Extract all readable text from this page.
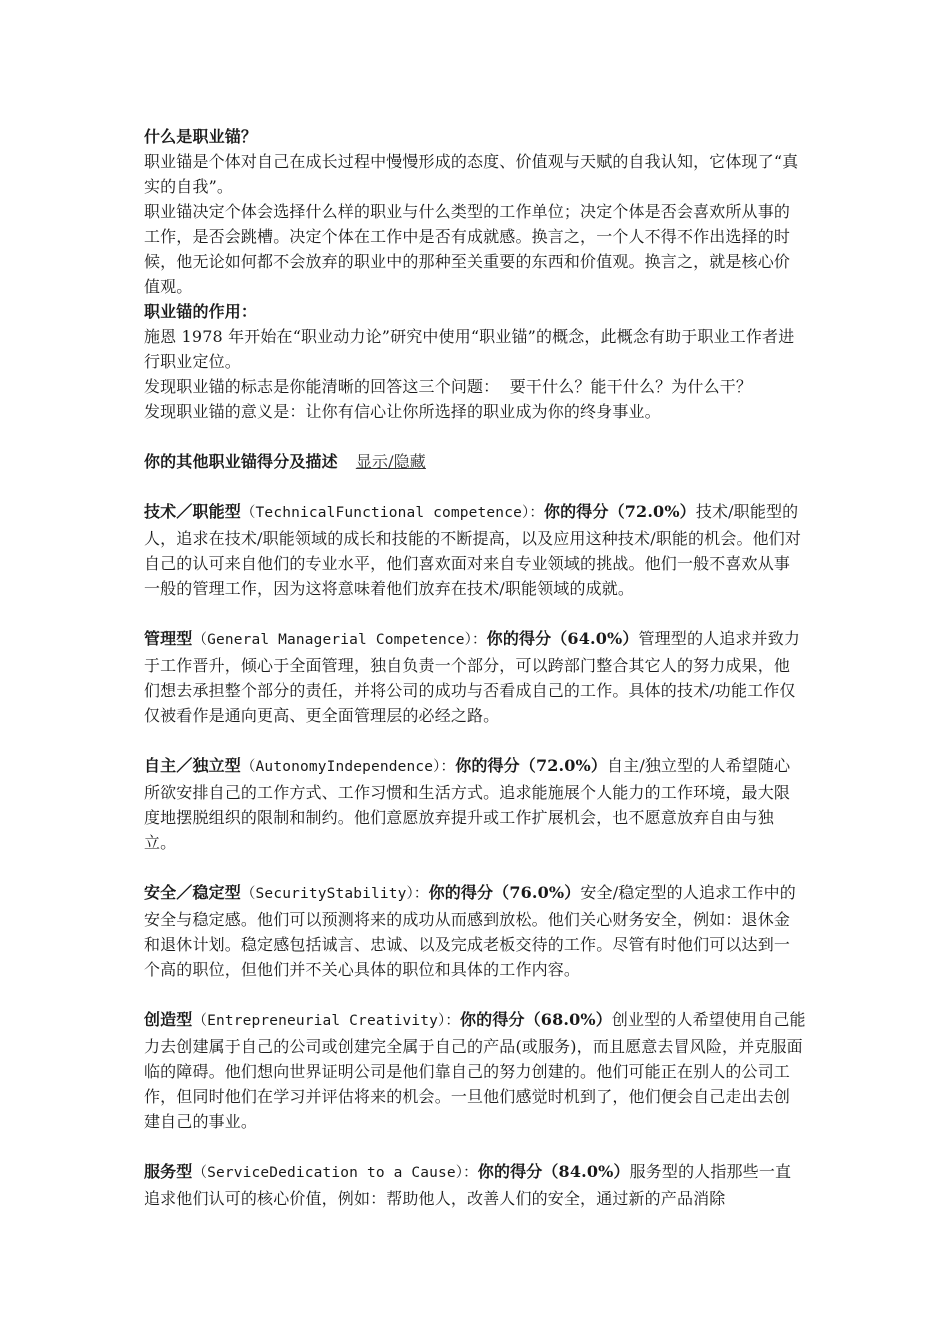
什么是职业锚？

职业锚是个体对自己在成长过程中慢慢形成的态度、价值观与天赋的自我认知，它体现了“真实的自我”。

职业锚决定个体会选择什么样的职业与什么类型的工作单位；决定个体是否会喜欢所从事的工作，是否会跳槽。决定个体在工作中是否有成就感。换言之，一个人不得不作出选择的时候，他无论如何都不会放弃的职业中的那种至关重要的东西和价值观。换言之，就是核心价值观。

职业锚的作用：

施恩 1978 年开始在“职业动力论”研究中使用“职业锚”的概念，此概念有助于职业工作者进行职业定位。

发现职业锚的标志是你能清晰的回答这三个问题：  要干什么？能干什么？为什么干？

发现职业锚的意义是：让你有信心让你所选择的职业成为你的终身事业。

你的其他职业锚得分及描述 显示/隐藏

技术／职能型（TechnicalFunctional competence）：你的得分（72.0%）技术/职能型的人，追求在技术/职能领域的成长和技能的不断提高，以及应用这种技术/职能的机会。他们对自己的认可来自他们的专业水平，他们喜欢面对来自专业领域的挑战。他们一般不喜欢从事一般的管理工作，因为这将意味着他们放弃在技术/职能领域的成就。

管理型（General Managerial Competence）：你的得分（64.0%）管理型的人追求并致力于工作晋升，倾心于全面管理，独自负责一个部分，可以跨部门整合其它人的努力成果，他们想去承担整个部分的责任，并将公司的成功与否看成自己的工作。具体的技术/功能工作仅仅被看作是通向更高、更全面管理层的必经之路。

自主／独立型（AutonomyIndependence）：你的得分（72.0%）自主/独立型的人希望随心所欲安排自己的工作方式、工作习惯和生活方式。追求能施展个人能力的工作环境，最大限度地摆脱组织的限制和制约。他们意愿放弃提升或工作扩展机会，也不愿意放弃自由与独立。

安全／稳定型（SecurityStability）：你的得分（76.0%）安全/稳定型的人追求工作中的安全与稳定感。他们可以预测将来的成功从而感到放松。他们关心财务安全，例如：退休金和退休计划。稳定感包括诚言、忠诚、以及完成老板交待的工作。尽管有时他们可以达到一个高的职位，但他们并不关心具体的职位和具体的工作内容。

创造型（Entrepreneurial Creativity）：你的得分（68.0%）创业型的人希望使用自己能力去创建属于自己的公司或创建完全属于自己的产品(或服务)，而且愿意去冒风险，并克服面临的障碍。他们想向世界证明公司是他们靠自己的努力创建的。他们可能正在别人的公司工作，但同时他们在学习并评估将来的机会。一旦他们感觉时机到了，他们便会自己走出去创建自己的事业。

服务型（ServiceDedication to a Cause）：你的得分（84.0%）服务型的人指那些一直追求他们认可的核心价值，例如：帮助他人，改善人们的安全，通过新的产品消除
